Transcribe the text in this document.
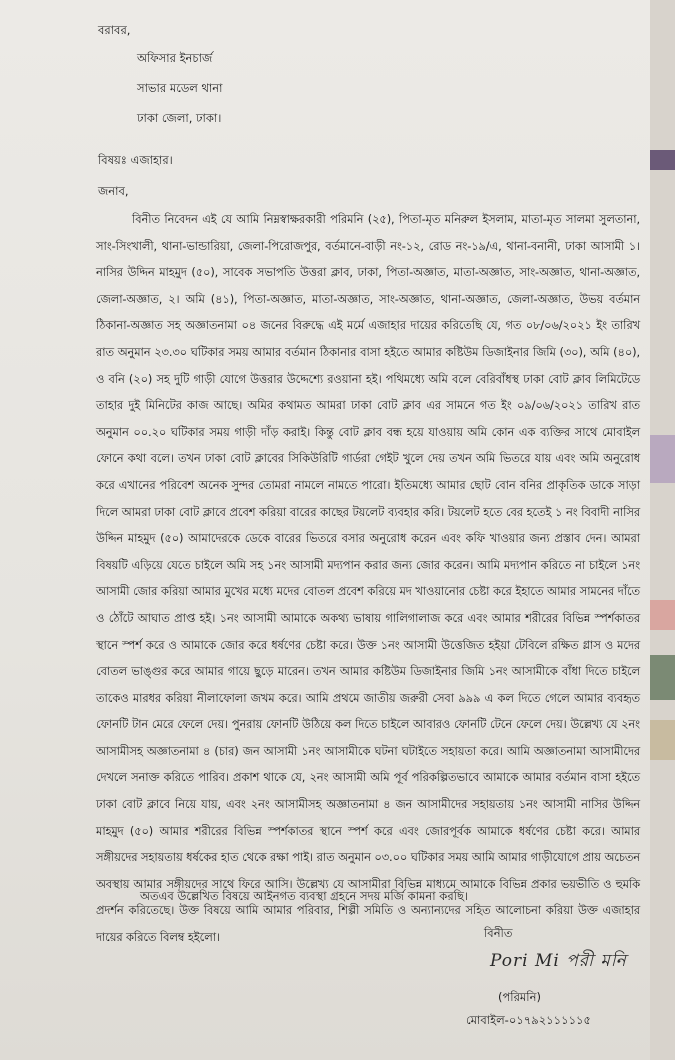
বরাবর,
অফিসার ইনচার্জ
সাভার মডেল থানা
ঢাকা জেলা, ঢাকা।
বিষয়ঃ এজাহার।
জনাব,
বিনীত নিবেদন এই যে আমি নিম্নস্বাক্ষরকারী পরিমনি (২৫), পিতা-মৃত মনিরুল ইসলাম, মাতা-মৃত সালমা সুলতানা, সাং-সিংখালী, থানা-ভান্ডারিয়া, জেলা-পিরোজপুর, বর্তমানে-বাড়ী নং-১২, রোড নং-১৯/এ, থানা-বনানী, ঢাকা আসামী ১। নাসির উদ্দিন মাহমুদ (৫০), সাবেক সভাপতি উত্তরা ক্লাব, ঢাকা, পিতা-অজ্ঞাত, মাতা-অজ্ঞাত, সাং-অজ্ঞাত, থানা-অজ্ঞাত, জেলা-অজ্ঞাত, ২। অমি (৪১), পিতা-অজ্ঞাত, মাতা-অজ্ঞাত, সাং-অজ্ঞাত, থানা-অজ্ঞাত, জেলা-অজ্ঞাত, উভয় বর্তমান ঠিকানা-অজ্ঞাত সহ অজ্ঞাতনামা ০৪ জনের বিরুদ্ধে এই মর্মে এজাহার দায়ের করিতেছি যে, গত ০৮/০৬/২০২১ ইং তারিখ রাত অনুমান ২৩.৩০ ঘটিকার সময় আমার বর্তমান ঠিকানার বাসা হইতে আমার কষ্টিউম ডিজাইনার জিমি (৩০), অমি (৪০), ও বনি (২০) সহ দুটি গাড়ী যোগে উত্তরার উদ্দেশ্যে রওয়ানা হই। পথিমধ্যে অমি বলে বেরিবাঁধস্থ ঢাকা বোট ক্লাব লিমিটেডে তাহার দুই মিনিটের কাজ আছে। অমির কথামত আমরা ঢাকা বোট ক্লাব এর সামনে গত ইং ০৯/০৬/২০২১ তারিখ রাত অনুমান ০০.২০ ঘটিকার সময় গাড়ী দাঁড় করাই। কিন্তু বোট ক্লাব বন্ধ হয়ে যাওয়ায় অমি কোন এক ব্যক্তির সাথে মোবাইল ফোনে কথা বলে। তখন ঢাকা বোট ক্লাবের সিকিউরিটি গার্ডরা গেইট খুলে দেয় তখন অমি ভিতরে যায় এবং অমি অনুরোধ করে এখানের পরিবেশ অনেক সুন্দর তোমরা নামলে নামতে পারো। ইতিমধ্যে আমার ছোট বোন বনির প্রাকৃতিক ডাকে সাড়া দিলে আমরা ঢাকা বোট ক্লাবে প্রবেশ করিয়া বারের কাছের টয়লেট ব্যবহার করি। টয়লেট হতে বের হতেই ১ নং বিবাদী নাসির উদ্দিন মাহমুদ (৫০) আমাদেরকে ডেকে বারের ভিতরে বসার অনুরোধ করেন এবং কফি খাওয়ার জন্য প্রস্তাব দেন। আমরা বিষয়টি এড়িয়ে যেতে চাইলে অমি সহ ১নং আসামী মদ্যপান করার জন্য জোর করেন। আমি মদ্যপান করিতে না চাইলে ১নং আসামী জোর করিয়া আমার মুখের মধ্যে মদের বোতল প্রবেশ করিয়ে মদ খাওয়ানোর চেষ্টা করে ইহাতে আমার সামনের দাঁতে ও ঠোঁটে আঘাত প্রাপ্ত হই। ১নং আসামী আমাকে অকথ্য ভাষায় গালিগালাজ করে এবং আমার শরীরের বিভিন্ন স্পর্শকাতর স্থানে স্পর্শ করে ও আমাকে জোর করে ধর্ষণের চেষ্টা করে। উক্ত ১নং আসামী উত্তেজিত হইয়া টেবিলে রক্ষিত গ্লাস ও মদের বোতল ভাঙ্গুর করে আমার গায়ে ছুড়ে মারেন। তখন আমার কষ্টিউম ডিজাইনার জিমি ১নং আসামীকে বাঁধা দিতে চাইলে তাকেও মারধর করিয়া নীলাফোলা জখম করে। আমি প্রথমে জাতীয় জরুরী সেবা ৯৯৯ এ কল দিতে গেলে আমার ব্যবহৃত ফোনটি টান মেরে ফেলে দেয়। পুনরায় ফোনটি উঠিয়ে কল দিতে চাইলে আবারও ফোনটি টেনে ফেলে দেয়। উল্লেখ্য যে ২নং আসামীসহ অজ্ঞাতনামা ৪ (চার) জন আসামী ১নং আসামীকে ঘটনা ঘটাইতে সহায়তা করে। আমি অজ্ঞাতনামা আসামীদের দেখলে সনাক্ত করিতে পারিব। প্রকাশ থাকে যে, ২নং আসামী অমি পূর্ব পরিকল্পিতভাবে আমাকে আমার বর্তমান বাসা হইতে ঢাকা বোট ক্লাবে নিয়ে যায়, এবং ২নং আসামীসহ অজ্ঞাতনামা ৪ জন আসামীদের সহায়তায় ১নং আসামী নাসির উদ্দিন মাহমুদ (৫০) আমার শরীরের বিভিন্ন স্পর্শকাতর স্থানে স্পর্শ করে এবং জোরপূর্বক আমাকে ধর্ষণের চেষ্টা করে। আমার সঙ্গীয়দের সহায়তায় ধর্ষকের হাত থেকে রক্ষা পাই। রাত অনুমান ০৩.০০ ঘটিকার সময় আমি আমার গাড়ীযোগে প্রায় অচেতন অবস্থায় আমার সঙ্গীয়দের সাথে ফিরে আসি। উল্লেখ্য যে আসামীরা বিভিন্ন মাধ্যমে আমাকে বিভিন্ন প্রকার ভয়ভীতি ও হুমকি প্রদর্শন করিতেছে। উক্ত বিষয়ে আমি আমার পরিবার, শিল্পী সমিতি ও অন্যান্যদের সহিত আলোচনা করিয়া উক্ত এজাহার দায়ের করিতে বিলম্ব হইলো।
অতএব উল্লেখিত বিষয়ে আইনগত ব্যবস্থা গ্রহনে সদয় মর্জি কামনা করছি।
বিনীত
Pori Mi পরী মনি
(পরিমনি)
মোবাইল-০১৭৯২১১১১১৫
